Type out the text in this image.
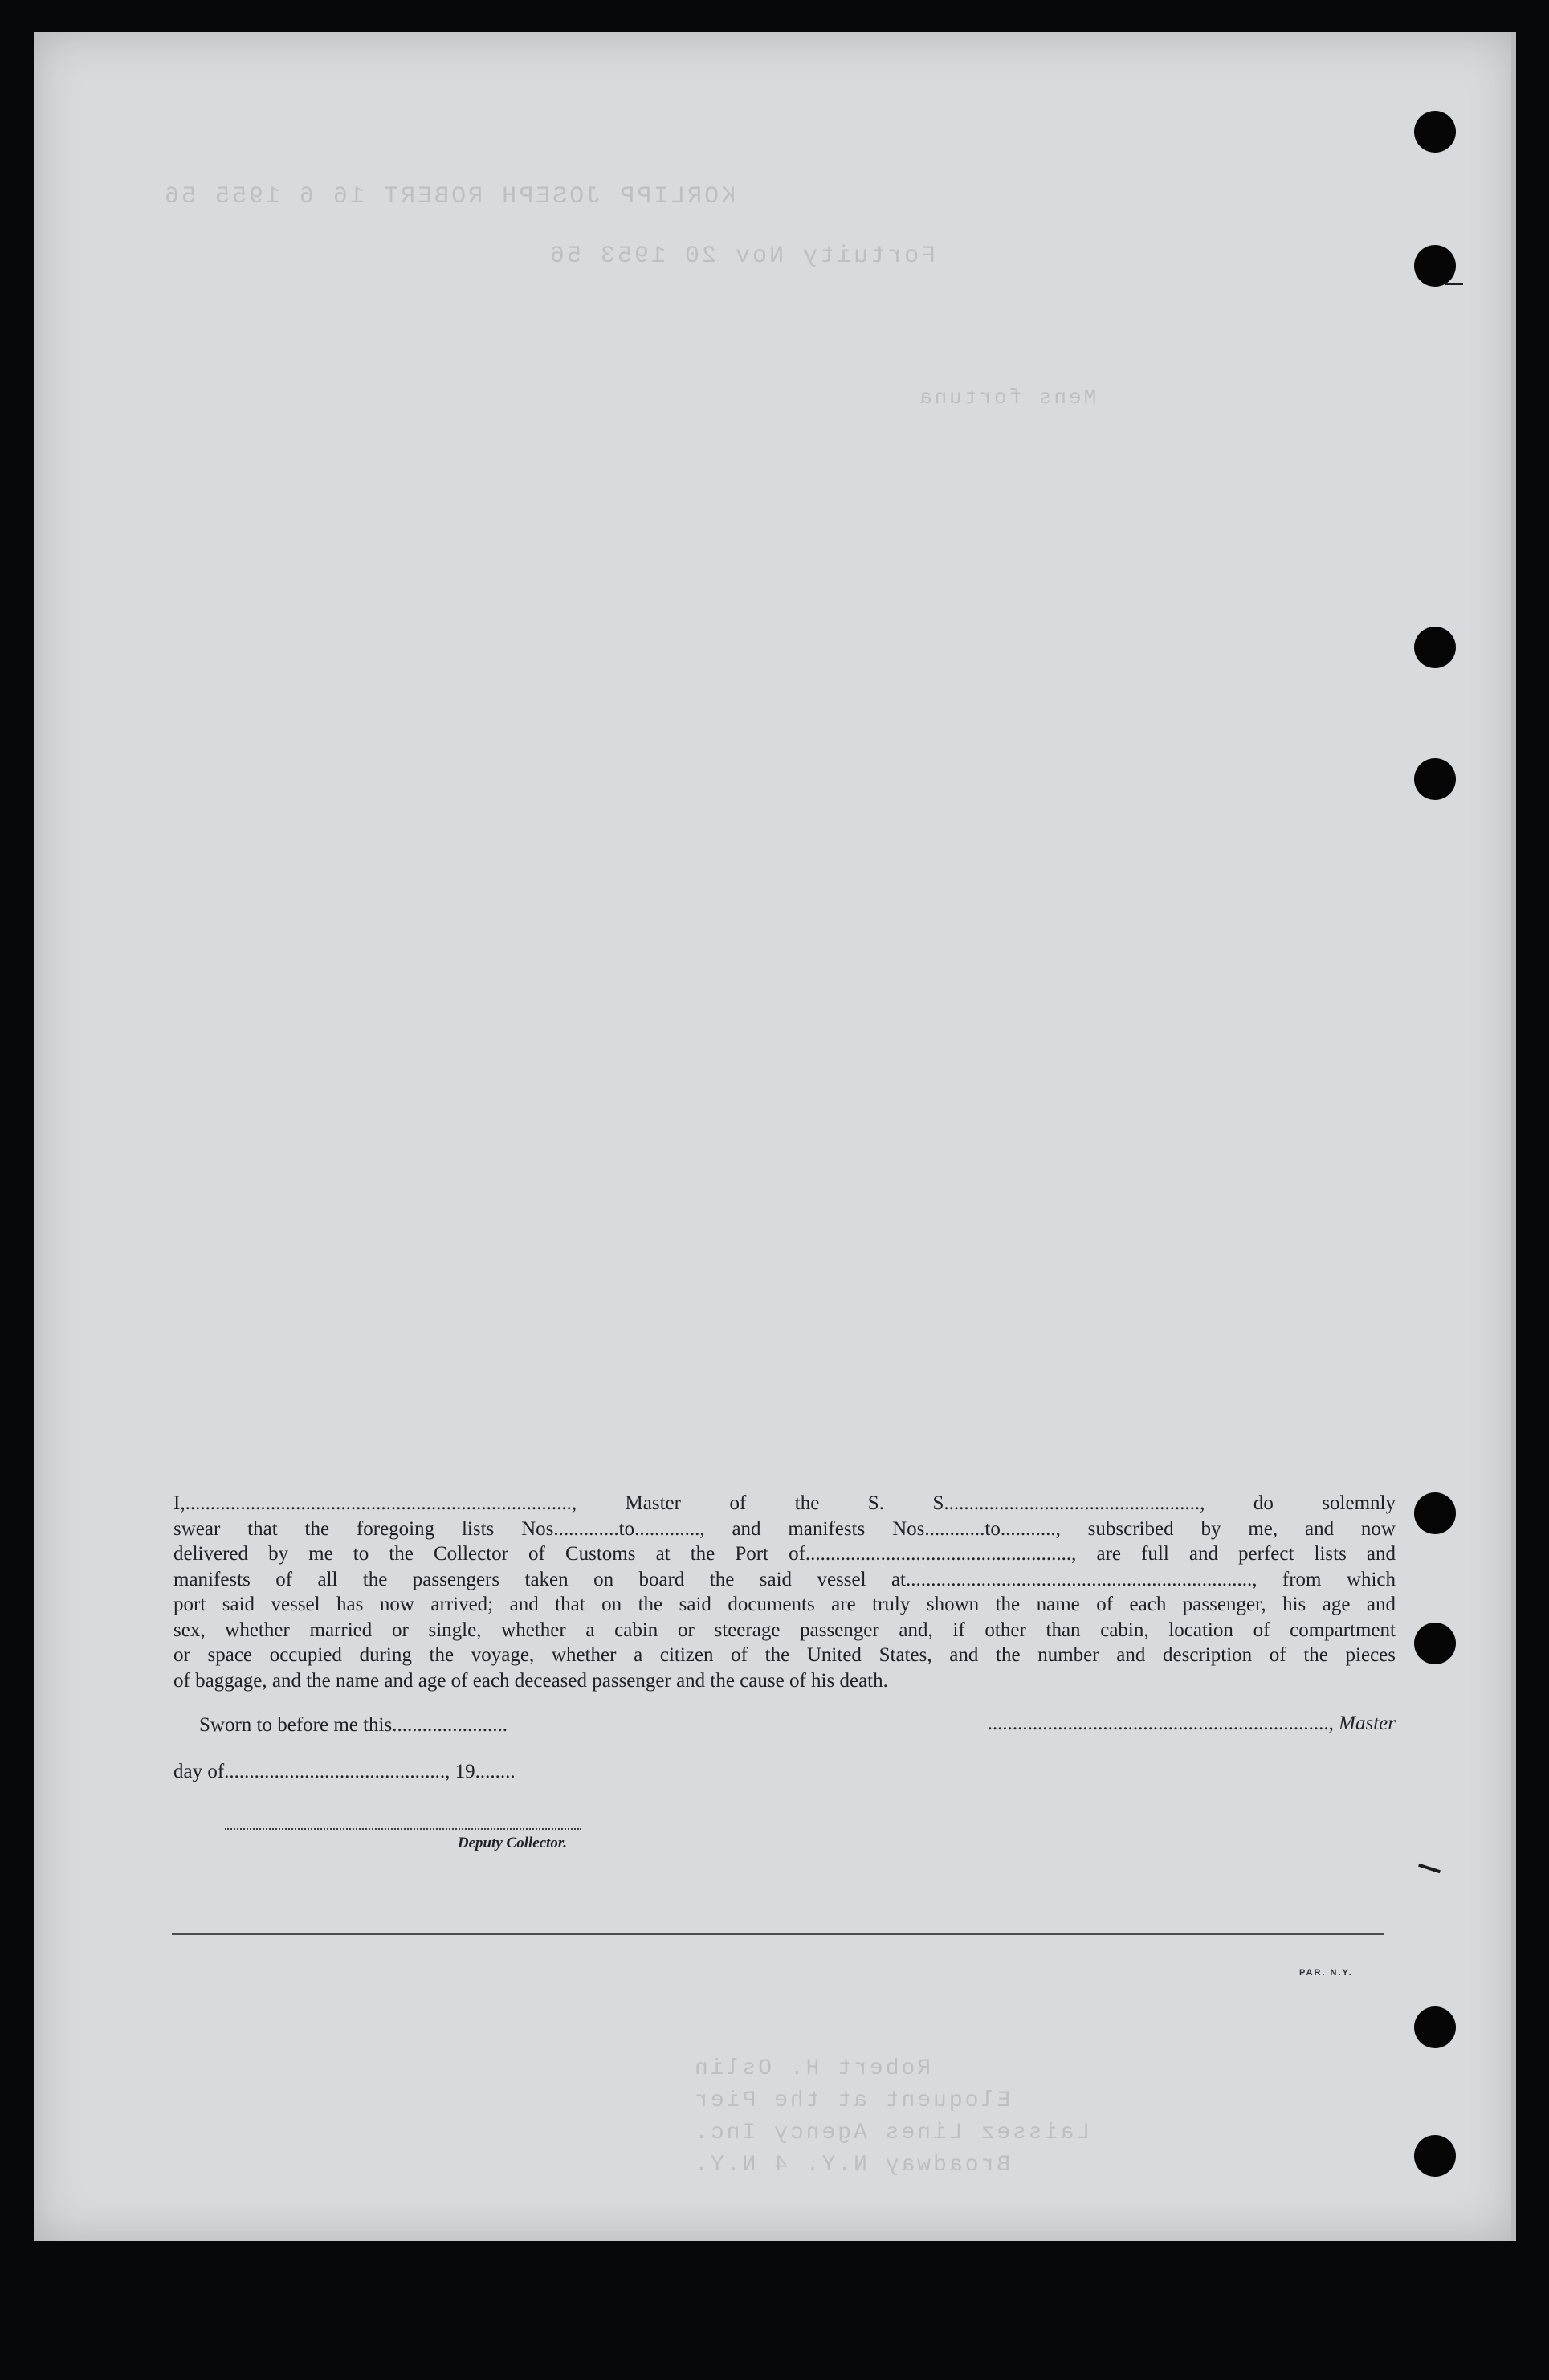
KORLIPP JOSEPH ROBERT 16 6 1955 56
Fortuity Nov 20 1953 56
Mens fortuna
Robert H. Oslin
Eloquent at the Pier
Laissez Lines Agency Inc.
Broadway N.Y. 4 N.Y.
I,............................................................................., Master of the S. S..................................................., do solemnly
swear that the foregoing lists Nos.............to............., and manifests Nos............to..........., subscribed by me, and now
delivered by me to the Collector of Customs at the Port of....................................................., are full and perfect lists and
manifests of all the passengers taken on board the said vessel at....................................................................., from which
port said vessel has now arrived; and that on the said documents are truly shown the name of each passenger, his age and
sex, whether married or single, whether a cabin or steerage passenger and, if other than cabin, location of compartment
or space occupied during the voyage, whether a citizen of the United States, and the number and description of the pieces
of baggage, and the name and age of each deceased passenger and the cause of his death.
Sworn to before me this.......................	...................................................................., Master
day of............................................, 19........
Deputy Collector.
PAR. N.Y.
